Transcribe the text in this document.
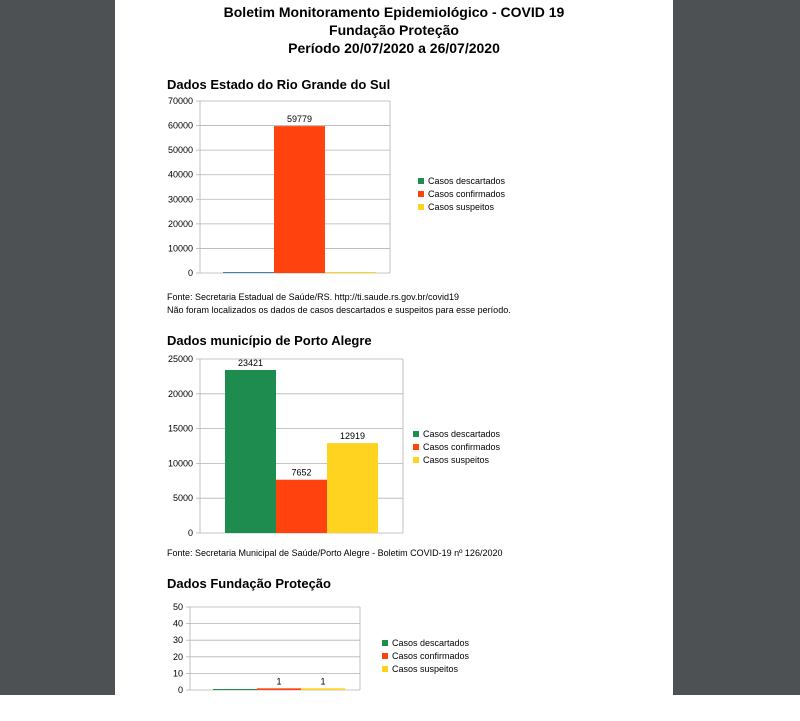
Boletim Monitoramento Epidemiológico - COVID 19
Fundação Proteção
Período 20/07/2020 a 26/07/2020
Dados Estado do Rio Grande do Sul
Dados município de Porto Alegre
Dados Fundação Proteção
Fonte: Secretaria Estadual de Saúde/RS. http://ti.saude.rs.gov.br/covid19
Não foram localizados os dados de casos descartados e suspeitos para esse período.
Fonte: Secretaria Municipal de Saúde/Porto Alegre - Boletim COVID-19 nº 126/2020
0
10000
20000
30000
40000
50000
60000
70000
59779
0
5000
10000
15000
20000
25000	23421
7652
12919
0
10
20
30
40
50
1	1
Casos descartados
Casos confirmados
Casos suspeitos
Casos descartados
Casos confirmados
Casos suspeitos
Casos descartados
Casos confirmados
Casos suspeitos
